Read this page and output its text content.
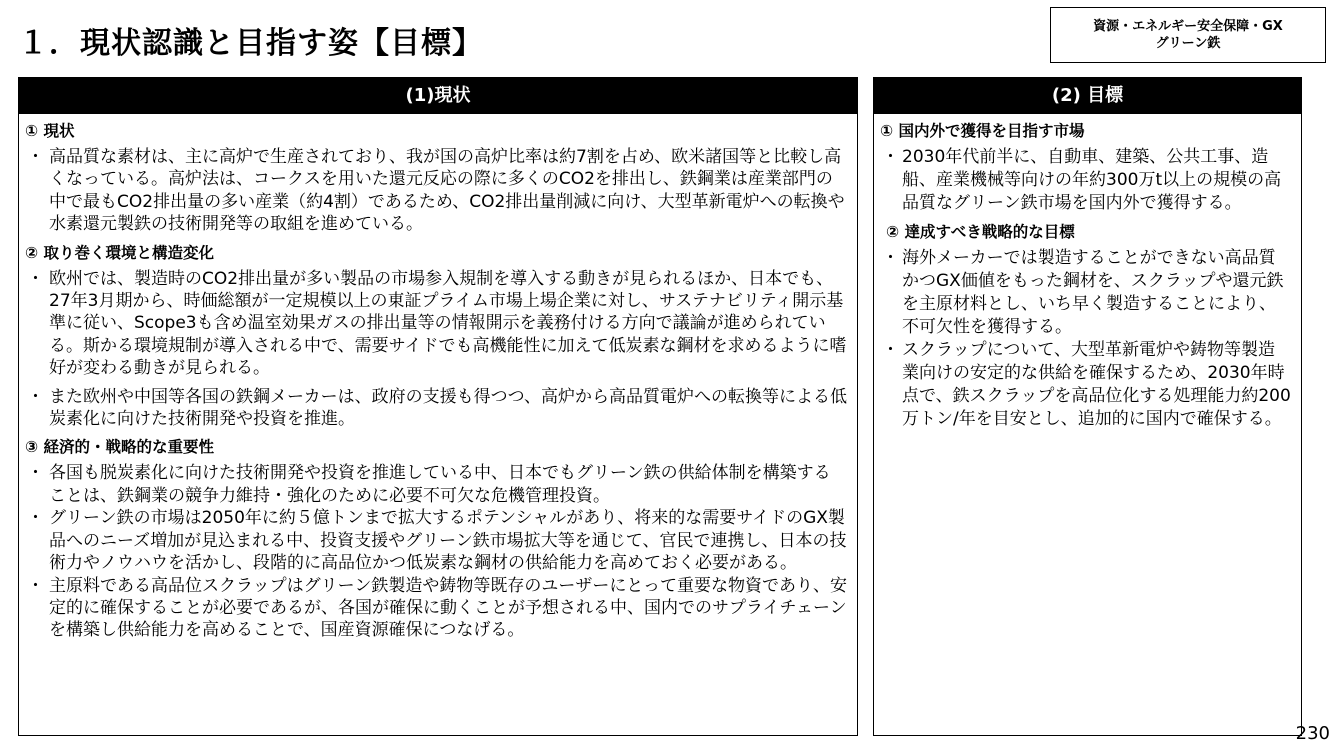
１．現状認識と目指す姿【目標】	資源・エネルギー安全保障・GX
グリーン鉄
(1)現状
① 現状
・ 高品質な素材は、主に高炉で生産されており、我が国の高炉比率は約7割を占め、欧米諸国等と比較し高くなっている。高炉法は、コークスを用いた還元反応の際に多くのCO2を排出し、鉄鋼業は産業部門の中で最もCO2排出量の多い産業（約4割）であるため、CO2排出量削減に向け、大型革新電炉への転換や水素還元製鉄の技術開発等の取組を進めている。
② 取り巻く環境と構造変化
・ 欧州では、製造時のCO2排出量が多い製品の市場参入規制を導入する動きが見られるほか、日本でも、27年3月期から、時価総額が一定規模以上の東証プライム市場上場企業に対し、サステナビリティ開示基準に従い、Scope3も含め温室効果ガスの排出量等の情報開示を義務付ける方向で議論が進められている。斯かる環境規制が導入される中で、需要サイドでも高機能性に加えて低炭素な鋼材を求めるように嗜好が変わる動きが見られる。
・ また欧州や中国等各国の鉄鋼メーカーは、政府の支援も得つつ、高炉から高品質電炉への転換等による低炭素化に向けた技術開発や投資を推進。
③ 経済的・戦略的な重要性
・ 各国も脱炭素化に向けた技術開発や投資を推進している中、日本でもグリーン鉄の供給体制を構築することは、鉄鋼業の競争力維持・強化のために必要不可欠な危機管理投資。
・ グリーン鉄の市場は2050年に約５億トンまで拡大するポテンシャルがあり、将来的な需要サイドのGX製品へのニーズ増加が見込まれる中、投資支援やグリーン鉄市場拡大等を通じて、官民で連携し、日本の技術力やノウハウを活かし、段階的に高品位かつ低炭素な鋼材の供給能力を高めておく必要がある。
・ 主原料である高品位スクラップはグリーン鉄製造や鋳物等既存のユーザーにとって重要な物資であり、安定的に確保することが必要であるが、各国が確保に動くことが予想される中、国内でのサプライチェーンを構築し供給能力を高めることで、国産資源確保につなげる。
(2) 目標
① 国内外で獲得を目指す市場
・ 2030年代前半に、自動車、建築、公共工事、造船、産業機械等向けの年約300万t以上の規模の高品質なグリーン鉄市場を国内外で獲得する。
② 達成すべき戦略的な目標
・ 海外メーカーでは製造することができない高品質かつGX価値をもった鋼材を、スクラップや還元鉄を主原材料とし、いち早く製造することにより、不可欠性を獲得する。
・ スクラップについて、大型革新電炉や鋳物等製造業向けの安定的な供給を確保するため、2030年時点で、鉄スクラップを高品位化する処理能力約200万トン/年を目安とし、追加的に国内で確保する。
230
